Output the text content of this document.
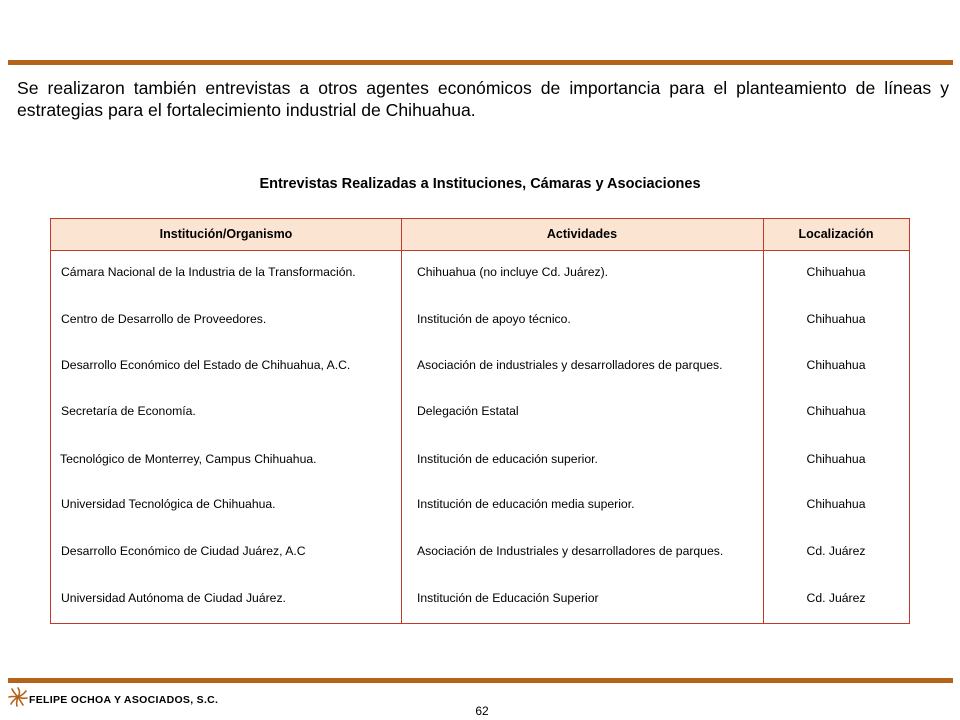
Se realizaron también entrevistas a otros agentes económicos de importancia para el planteamiento de líneas y estrategias para el fortalecimiento industrial de Chihuahua.

Entrevistas Realizadas a Instituciones, Cámaras y Asociaciones

Institución/Organismo	Actividades	Localización
Cámara Nacional de la Industria de la Transformación.	Chihuahua (no incluye Cd. Juárez).	Chihuahua
Centro de Desarrollo de Proveedores.	Institución de apoyo técnico.	Chihuahua
Desarrollo Económico del Estado de Chihuahua, A.C.	Asociación de industriales y desarrolladores de parques.	Chihuahua
Secretaría de Economía.	Delegación Estatal	Chihuahua
Tecnológico de Monterrey, Campus Chihuahua.	Institución de educación superior.	Chihuahua
Universidad Tecnológica de Chihuahua.	Institución de educación media superior.	Chihuahua
Desarrollo Económico de Ciudad Juárez, A.C	Asociación de Industriales y desarrolladores de parques.	Cd. Juárez
Universidad Autónoma de Ciudad Juárez.	Institución de Educación Superior	Cd. Juárez
FELIPE OCHOA Y ASOCIADOS, S.C.
62
